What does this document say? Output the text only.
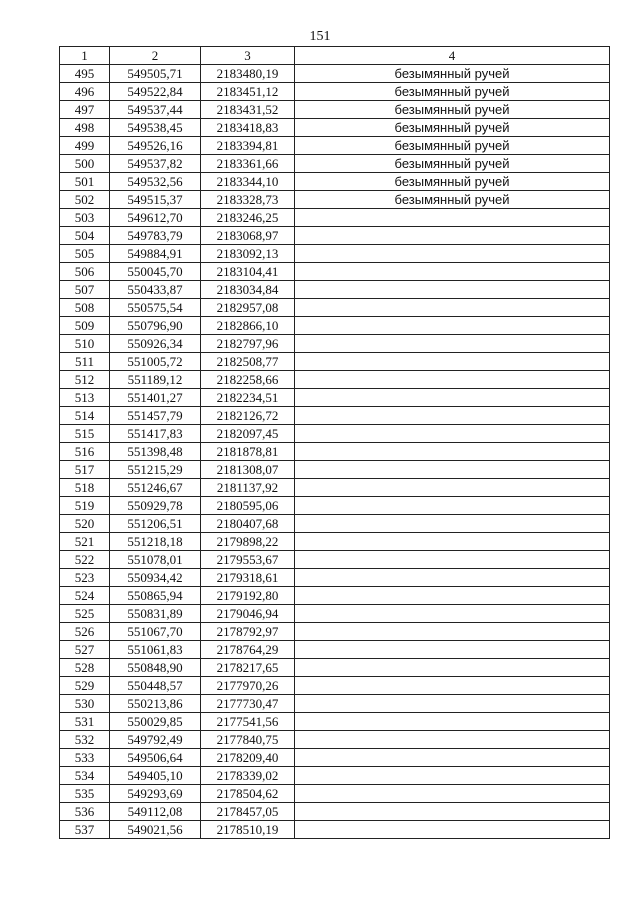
151
1	2	3	4
495	549505,71	2183480,19	безымянный ручей
496	549522,84	2183451,12	безымянный ручей
497	549537,44	2183431,52	безымянный ручей
498	549538,45	2183418,83	безымянный ручей
499	549526,16	2183394,81	безымянный ручей
500	549537,82	2183361,66	безымянный ручей
501	549532,56	2183344,10	безымянный ручей
502	549515,37	2183328,73	безымянный ручей
503	549612,70	2183246,25	
504	549783,79	2183068,97	
505	549884,91	2183092,13	
506	550045,70	2183104,41	
507	550433,87	2183034,84	
508	550575,54	2182957,08	
509	550796,90	2182866,10	
510	550926,34	2182797,96	
511	551005,72	2182508,77	
512	551189,12	2182258,66	
513	551401,27	2182234,51	
514	551457,79	2182126,72	
515	551417,83	2182097,45	
516	551398,48	2181878,81	
517	551215,29	2181308,07	
518	551246,67	2181137,92	
519	550929,78	2180595,06	
520	551206,51	2180407,68	
521	551218,18	2179898,22	
522	551078,01	2179553,67	
523	550934,42	2179318,61	
524	550865,94	2179192,80	
525	550831,89	2179046,94	
526	551067,70	2178792,97	
527	551061,83	2178764,29	
528	550848,90	2178217,65	
529	550448,57	2177970,26	
530	550213,86	2177730,47	
531	550029,85	2177541,56	
532	549792,49	2177840,75	
533	549506,64	2178209,40	
534	549405,10	2178339,02	
535	549293,69	2178504,62	
536	549112,08	2178457,05	
537	549021,56	2178510,19	
